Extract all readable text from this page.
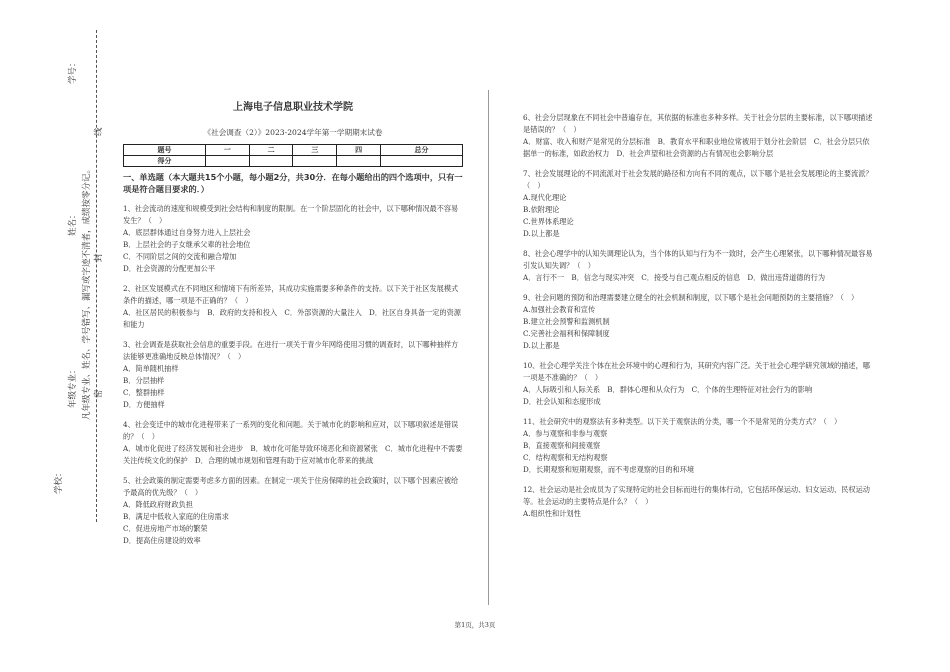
学校：
年级专业：
姓名：
学号：
凡年级专业、姓名、学号错写、漏写或字迹不清者，成绩按零分记。 密
封
线
上海电子信息职业技术学院
《社会调查（2）》2023-2024学年第一学期期末试卷
题号	一	二	三	四	总分
得分					
一、单选题（本大题共15个小题，每小题2分，共30分．在每小题给出的四个选项中，只有一项是符合题目要求的．）
1、社会流动的速度和规模受到社会结构和制度的限制。在一个阶层固化的社会中，以下哪种情况最不容易发生？（　）
A．底层群体通过自身努力进入上层社会
B．上层社会的子女继承父辈的社会地位
C．不同阶层之间的交流和融合增加
D．社会资源的分配更加公平
2、社区发展模式在不同地区和情境下有所差异，其成功实施需要多种条件的支持。以下关于社区发展模式条件的描述，哪一项是不正确的？（　）
A．社区居民的积极参与　B．政府的支持和投入　C．外部资源的大量注入　D．社区自身具备一定的资源和能力
3、社会调查是获取社会信息的重要手段。在进行一项关于青少年网络使用习惯的调查时，以下哪种抽样方法能够更准确地反映总体情况？（　）
A．简单随机抽样
B．分层抽样
C．整群抽样
D．方便抽样
4、社会变迁中的城市化进程带来了一系列的变化和问题。关于城市化的影响和应对，以下哪项叙述是错误的？（　）
A．城市化促进了经济发展和社会进步　B．城市化可能导致环境恶化和资源紧张　C．城市化进程中不需要关注传统文化的保护　D．合理的城市规划和管理有助于应对城市化带来的挑战
5、社会政策的制定需要考虑多方面的因素。在制定一项关于住房保障的社会政策时，以下哪个因素应被给予最高的优先级？（　）
A．降低政府财政负担
B．满足中低收入家庭的住房需求
C．促进房地产市场的繁荣
D．提高住房建设的效率
6、社会分层现象在不同社会中普遍存在，其依据的标准也多种多样。关于社会分层的主要标准，以下哪项描述是错误的？（　）
A．财富、收入和财产是常见的分层标准　B．教育水平和职业地位常被用于划分社会阶层　C．社会分层只依据单一的标准，如政治权力　D．社会声望和社会资源的占有情况也会影响分层
7、社会发展理论的不同流派对于社会发展的路径和方向有不同的观点，以下哪个是社会发展理论的主要流派？（　）
A.现代化理论
B.依附理论
C.世界体系理论
D.以上都是
8、社会心理学中的认知失调理论认为，当个体的认知与行为不一致时，会产生心理紧张，以下哪种情况最容易引发认知失调？（　）
A．言行不一　B．信念与现实冲突　C．接受与自己观点相反的信息　D．做出违背道德的行为
9、社会问题的预防和治理需要建立健全的社会机制和制度，以下哪个是社会问题预防的主要措施？（　）
A.加强社会教育和宣传
B.建立社会预警和监测机制
C.完善社会福利和保障制度
D.以上都是
10、社会心理学关注个体在社会环境中的心理和行为，其研究内容广泛。关于社会心理学研究领域的描述，哪一项是不准确的？（　）
A．人际吸引和人际关系　B．群体心理和从众行为　C．个体的生理特征对社会行为的影响
D．社会认知和态度形成
11、社会研究中的观察法有多种类型。以下关于观察法的分类，哪一个不是常见的分类方式？（　）
A．参与观察和非参与观察
B．直接观察和间接观察
C．结构观察和无结构观察
D．长期观察和短期观察，而不考虑观察的目的和环境
12、社会运动是社会成员为了实现特定的社会目标而进行的集体行动，它包括环保运动、妇女运动、民权运动等。社会运动的主要特点是什么？（　）
A.组织性和计划性
第1页，共3页
